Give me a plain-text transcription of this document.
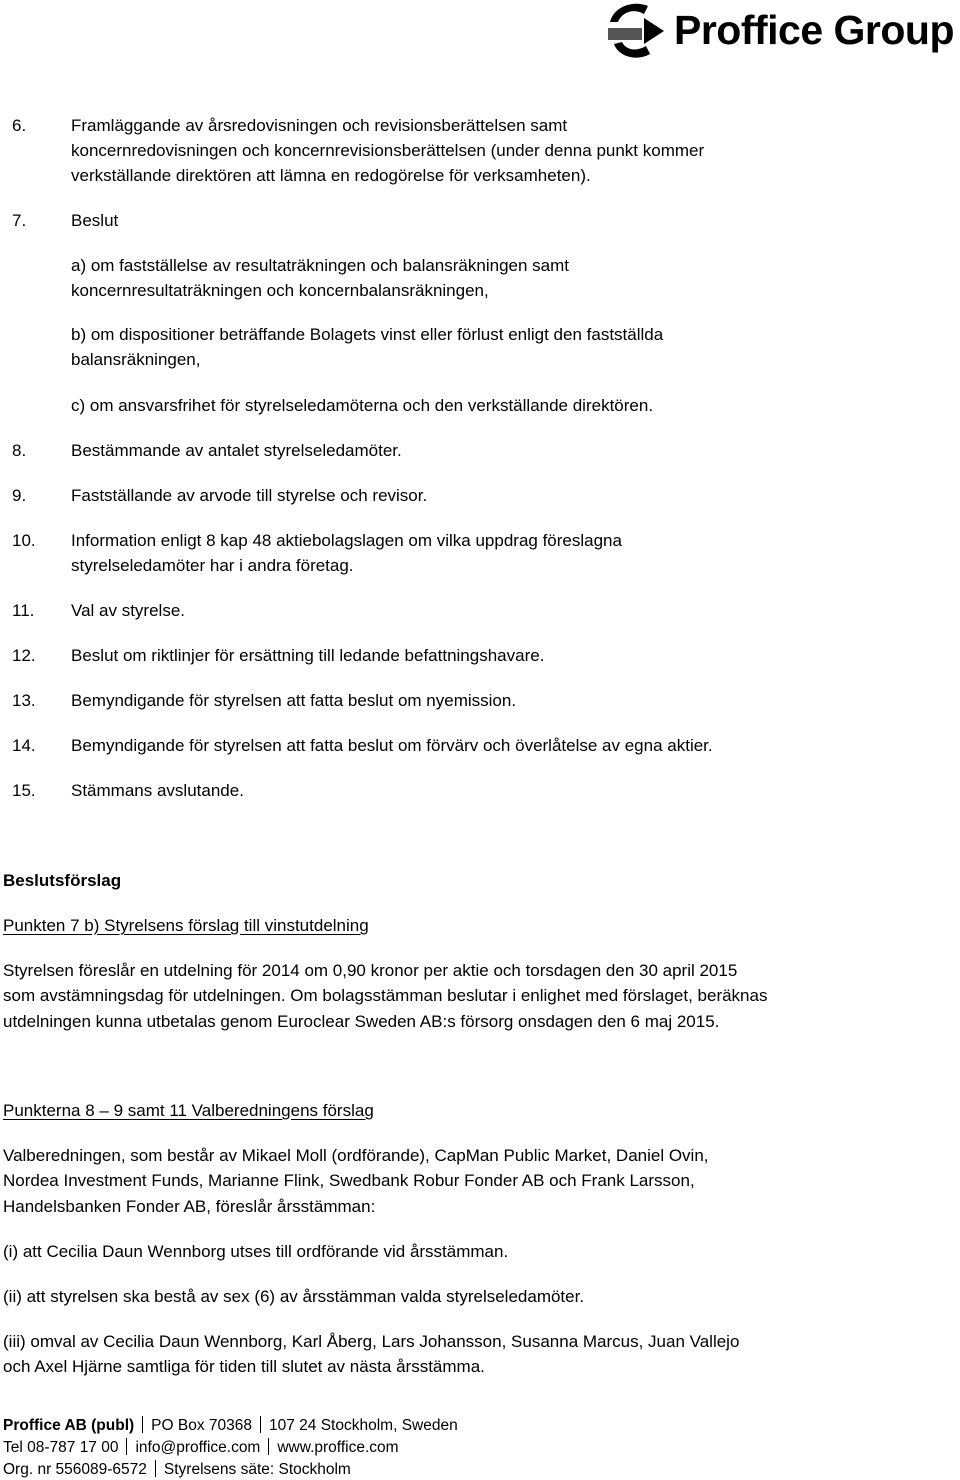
Proffice Group
6.	Framläggande av årsredovisningen och revisionsberättelsen samt
koncernredovisningen och koncernrevisionsberättelsen (under denna punkt kommer
verkställande direktören att lämna en redogörelse för verksamheten).
7.	Beslut
a) om fastställelse av resultaträkningen och balansräkningen samt
koncernresultaträkningen och koncernbalansräkningen,
b) om dispositioner beträffande Bolagets vinst eller förlust enligt den fastställda
balansräkningen,
c) om ansvarsfrihet för styrelseledamöterna och den verkställande direktören.
8.	Bestämmande av antalet styrelseledamöter.
9.	Fastställande av arvode till styrelse och revisor.
10. Information enligt 8 kap 48 aktiebolagslagen om vilka uppdrag föreslagna
styrelseledamöter har i andra företag.
11. Val av styrelse.
12. Beslut om riktlinjer för ersättning till ledande befattningshavare.
13. Bemyndigande för styrelsen att fatta beslut om nyemission.
14. Bemyndigande för styrelsen att fatta beslut om förvärv och överlåtelse av egna aktier.
15. Stämmans avslutande.
Beslutsförslag
Punkten 7 b) Styrelsens förslag till vinstutdelning
Styrelsen föreslår en utdelning för 2014 om 0,90 kronor per aktie och torsdagen den 30 april 2015
som avstämningsdag för utdelningen. Om bolagsstämman beslutar i enlighet med förslaget, beräknas
utdelningen kunna utbetalas genom Euroclear Sweden AB:s försorg onsdagen den 6 maj 2015.
Punkterna 8 – 9 samt 11 Valberedningens förslag
Valberedningen, som består av Mikael Moll (ordförande), CapMan Public Market, Daniel Ovin,
Nordea Investment Funds, Marianne Flink, Swedbank Robur Fonder AB och Frank Larsson,
Handelsbanken Fonder AB, föreslår årsstämman:
(i) att Cecilia Daun Wennborg utses till ordförande vid årsstämman.
(ii) att styrelsen ska bestå av sex (6) av årsstämman valda styrelseledamöter.
(iii) omval av Cecilia Daun Wennborg, Karl Åberg, Lars Johansson, Susanna Marcus, Juan Vallejo
och Axel Hjärne samtliga för tiden till slutet av nästa årsstämma.
Proffice AB (publ) PO Box 70368 107 24 Stockholm, Sweden
Tel 08-787 17 00 info@proffice.com www.proffice.com
Org. nr 556089-6572 Styrelsens säte: Stockholm
